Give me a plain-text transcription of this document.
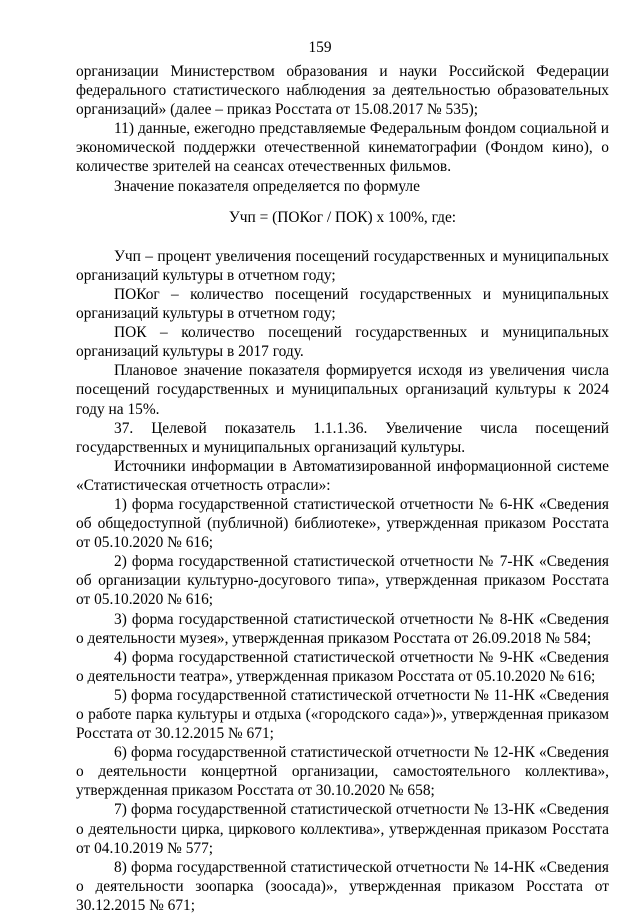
159

организации Министерством образования и науки Российской Федерации федерального статистического наблюдения за деятельностью образовательных организаций» (далее – приказ Росстата от 15.08.2017 № 535);

11) данные, ежегодно представляемые Федеральным фондом социальной и экономической поддержки отечественной кинематографии (Фондом кино), о количестве зрителей на сеансах отечественных фильмов.

Значение показателя определяется по формуле

Учп = (ПОКог / ПОК) х 100%, где:

Учп – процент увеличения посещений государственных и муниципальных организаций культуры в отчетном году;

ПОКог – количество посещений государственных и муниципальных организаций культуры в отчетном году;

ПОК – количество посещений государственных и муниципальных организаций культуры в 2017 году.

Плановое значение показателя формируется исходя из увеличения числа посещений государственных и муниципальных организаций культуры к 2024 году на 15%.

37. Целевой показатель 1.1.1.36. Увеличение числа посещений государственных и муниципальных организаций культуры.

Источники информации в Автоматизированной информационной системе «Статистическая отчетность отрасли»:

1) форма государственной статистической отчетности № 6-НК «Сведения об общедоступной (публичной) библиотеке», утвержденная приказом Росстата от 05.10.2020 № 616;

2) форма государственной статистической отчетности № 7-НК «Сведения об организации культурно-досугового типа», утвержденная приказом Росстата от 05.10.2020 № 616;

3) форма государственной статистической отчетности № 8-НК «Сведения о деятельности музея», утвержденная приказом Росстата от 26.09.2018 № 584;

4) форма государственной статистической отчетности № 9-НК «Сведения о деятельности театра», утвержденная приказом Росстата от 05.10.2020 № 616;

5) форма государственной статистической отчетности № 11-НК «Сведения о работе парка культуры и отдыха («городского сада»)», утвержденная приказом Росстата от 30.12.2015 № 671;

6) форма государственной статистической отчетности № 12-НК «Сведения о деятельности концертной организации, самостоятельного коллектива», утвержденная приказом Росстата от 30.10.2020 № 658;

7) форма государственной статистической отчетности № 13-НК «Сведения о деятельности цирка, циркового коллектива», утвержденная приказом Росстата от 04.10.2019 № 577;

8) форма государственной статистической отчетности № 14-НК «Сведения о деятельности зоопарка (зоосада)», утвержденная приказом Росстата от 30.12.2015 № 671;
